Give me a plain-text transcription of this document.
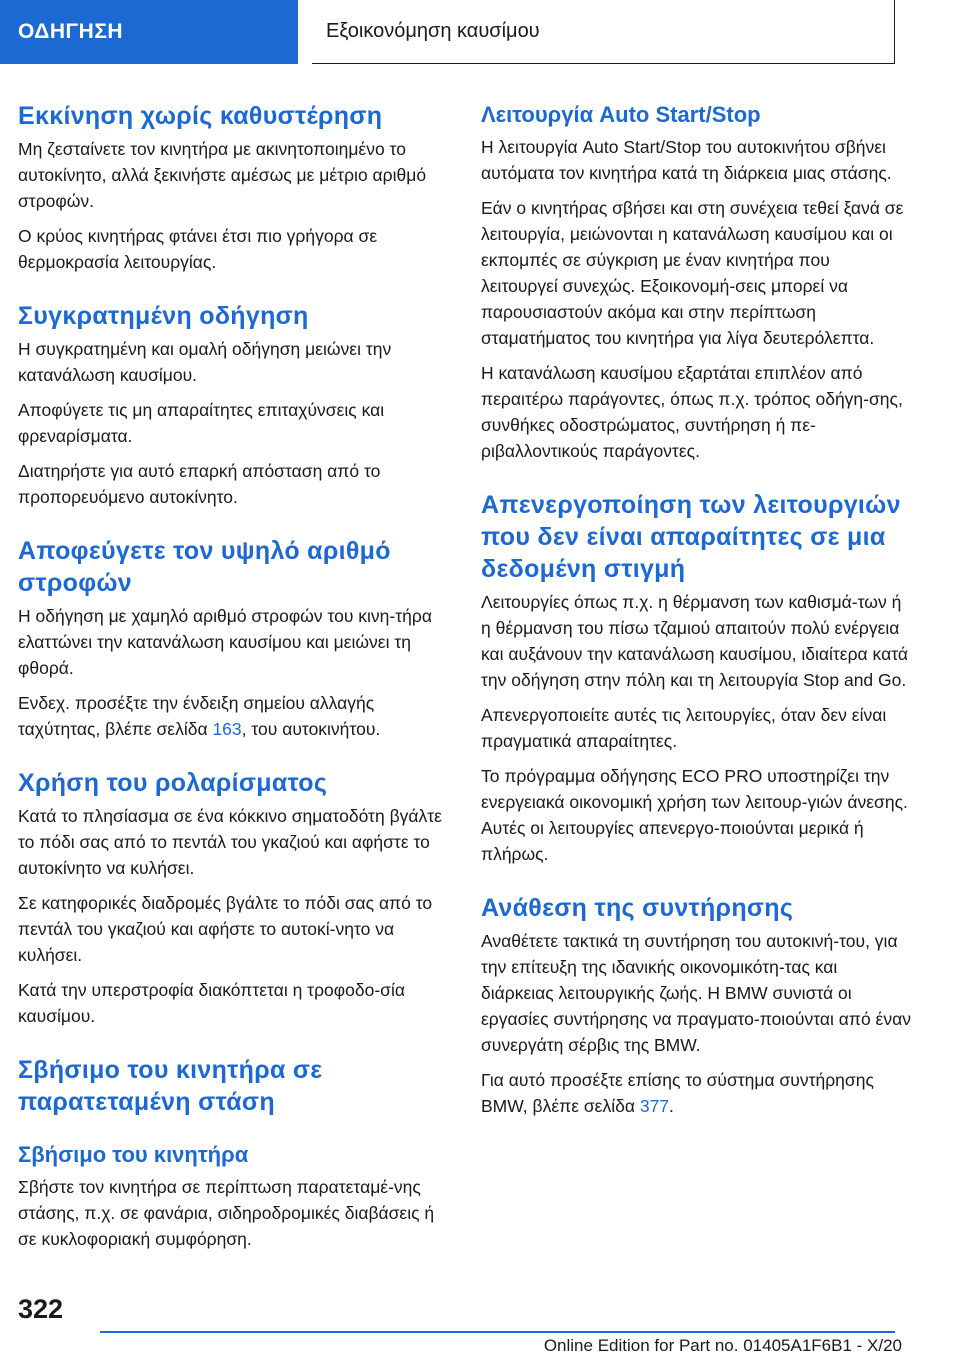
ΟΔΗΓΗΣΗ	Εξοικονόμηση καυσίμου
Εκκίνηση χωρίς καθυστέρηση

Μη ζεσταίνετε τον κινητήρα με ακινητοποιημένο το αυτοκίνητο, αλλά ξεκινήστε αμέσως με μέτριο αριθμό στροφών.

Ο κρύος κινητήρας φτάνει έτσι πιο γρήγορα σε θερμοκρασία λειτουργίας.

Συγκρατημένη οδήγηση

Η συγκρατημένη και ομαλή οδήγηση μειώνει την κατανάλωση καυσίμου.

Αποφύγετε τις μη απαραίτητες επιταχύνσεις και φρεναρίσματα.

Διατηρήστε για αυτό επαρκή απόσταση από το προπορευόμενο αυτοκίνητο.

Αποφεύγετε τον υψηλό αριθμό στροφών

Η οδήγηση με χαμηλό αριθμό στροφών του κινη‐τήρα ελαττώνει την κατανάλωση καυσίμου και μειώνει τη φθορά.

Ενδεχ. προσέξτε την ένδειξη σημείου αλλαγής ταχύτητας, βλέπε σελίδα 163, του αυτοκινήτου.

Χρήση του ρολαρίσματος

Κατά το πλησίασμα σε ένα κόκκινο σηματοδότη βγάλτε το πόδι σας από το πεντάλ του γκαζιού και αφήστε το αυτοκίνητο να κυλήσει.

Σε κατηφορικές διαδρομές βγάλτε το πόδι σας από το πεντάλ του γκαζιού και αφήστε το αυτοκί‐νητο να κυλήσει.

Κατά την υπερστροφία διακόπτεται η τροφοδο‐σία καυσίμου.

Σβήσιμο του κινητήρα σε παρατεταμένη στάση
Σβήσιμο του κινητήρα

Σβήστε τον κινητήρα σε περίπτωση παρατεταμέ‐νης στάσης, π.χ. σε φανάρια, σιδηροδρομικές διαβάσεις ή σε κυκλοφοριακή συμφόρηση.

Λειτουργία Auto Start/Stop

Η λειτουργία Auto Start/Stop του αυτοκινήτου σβήνει αυτόματα τον κινητήρα κατά τη διάρκεια μιας στάσης.

Εάν ο κινητήρας σβήσει και στη συνέχεια τεθεί ξανά σε λειτουργία, μειώνονται η κατανάλωση καυσίμου και οι εκπομπές σε σύγκριση με έναν κινητήρα που λειτουργεί συνεχώς. Εξοικονομή‐σεις μπορεί να παρουσιαστούν ακόμα και στην περίπτωση σταματήματος του κινητήρα για λίγα δευτερόλεπτα.

Η κατανάλωση καυσίμου εξαρτάται επιπλέον από περαιτέρω παράγοντες, όπως π.χ. τρόπος οδήγη‐σης, συνθήκες οδοστρώματος, συντήρηση ή πε‐ριβαλλοντικούς παράγοντες.

Απενεργοποίηση των λειτουργιών που δεν είναι απαραίτητες σε μια δεδομένη στιγμή

Λειτουργίες όπως π.χ. η θέρμανση των καθισμά‐των ή η θέρμανση του πίσω τζαμιού απαιτούν πολύ ενέργεια και αυξάνουν την κατανάλωση καυσίμου, ιδιαίτερα κατά την οδήγηση στην πόλη και τη λειτουργία Stop and Go.

Απενεργοποιείτε αυτές τις λειτουργίες, όταν δεν είναι πραγματικά απαραίτητες.

Το πρόγραμμα οδήγησης ECO PRO υποστηρίζει την ενεργειακά οικονομική χρήση των λειτουρ‐γιών άνεσης. Αυτές οι λειτουργίες απενεργο‐ποιούνται μερικά ή πλήρως.

Ανάθεση της συντήρησης

Αναθέτετε τακτικά τη συντήρηση του αυτοκινή‐του, για την επίτευξη της ιδανικής οικονομικότη‐τας και διάρκειας λειτουργικής ζωής. Η BMW συνιστά οι εργασίες συντήρησης να πραγματο‐ποιούνται από έναν συνεργάτη σέρβις της BMW.

Για αυτό προσέξτε επίσης το σύστημα συντήρησης BMW, βλέπε σελίδα 377.

322
Online Edition for Part no. 01405A1F6B1 - X/20
